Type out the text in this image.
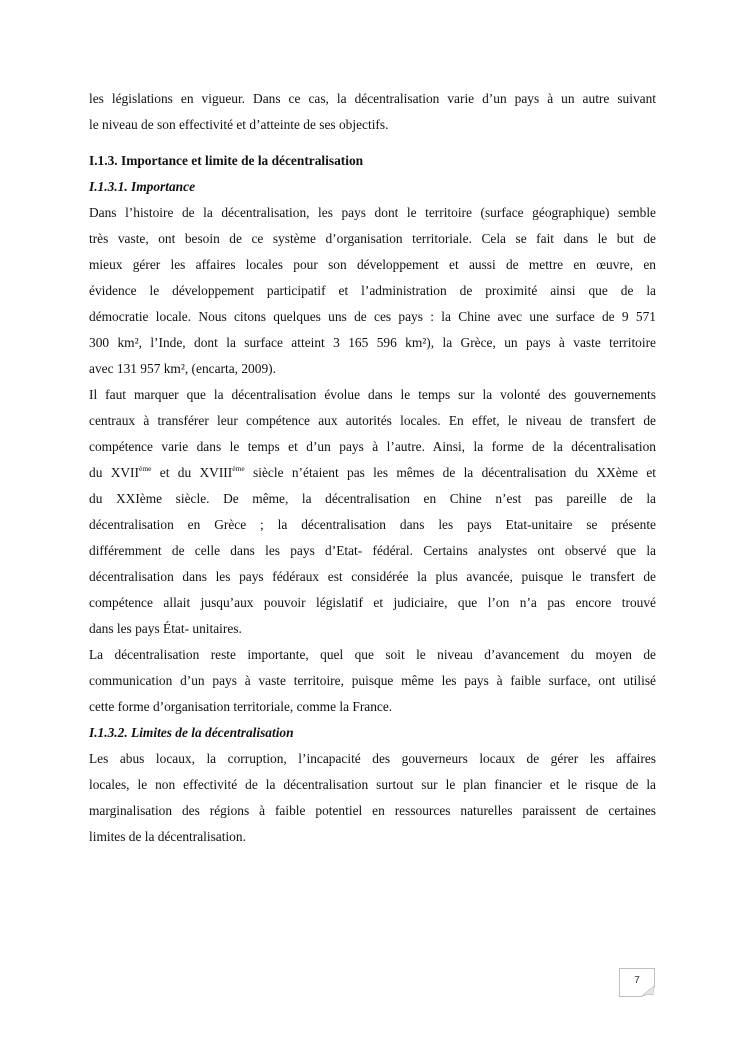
les législations en vigueur. Dans ce cas, la décentralisation varie d’un pays à un autre suivant
le niveau de son effectivité et d’atteinte de ses objectifs.
I.1.3. Importance et limite de la décentralisation
I.1.3.1. Importance
Dans l’histoire de la décentralisation, les pays dont le territoire (surface géographique) semble
très vaste, ont besoin de ce système d’organisation territoriale. Cela se fait dans le but de
mieux gérer les affaires locales pour son développement et aussi de mettre en œuvre, en
évidence le développement participatif et l’administration de proximité ainsi que de la
démocratie locale. Nous citons quelques uns de ces pays : la Chine avec une surface de 9 571
300 km², l’Inde, dont la surface atteint 3 165 596 km²), la Grèce, un pays à vaste territoire
avec 131 957 km², (encarta, 2009).
Il faut marquer que la décentralisation évolue dans le temps sur la volonté des gouvernements
centraux à transférer leur compétence aux autorités locales. En effet, le niveau de transfert de
compétence varie dans le temps et d’un pays à l’autre. Ainsi, la forme de la décentralisation
du XVIIème et du XVIIIème siècle n’étaient pas les mêmes de la décentralisation du XXème et
du XXIème siècle. De même, la décentralisation en Chine n’est pas pareille de la
décentralisation en Grèce ; la décentralisation dans les pays Etat-unitaire se présente
différemment de celle dans les pays d’Etat- fédéral. Certains analystes ont observé que la
décentralisation dans les pays fédéraux est considérée la plus avancée, puisque le transfert de
compétence allait jusqu’aux pouvoir législatif et judiciaire, que l’on n’a pas encore trouvé
dans les pays État- unitaires.
La décentralisation reste importante, quel que soit le niveau d’avancement du moyen de
communication d’un pays à vaste territoire, puisque même les pays à faible surface, ont utilisé
cette forme d’organisation territoriale, comme la France.
I.1.3.2. Limites de la décentralisation
Les abus locaux, la corruption, l’incapacité des gouverneurs locaux de gérer les affaires
locales, le non effectivité de la décentralisation surtout sur le plan financier et le risque de la
marginalisation des régions à faible potentiel en ressources naturelles paraissent de certaines
limites de la décentralisation.
7
